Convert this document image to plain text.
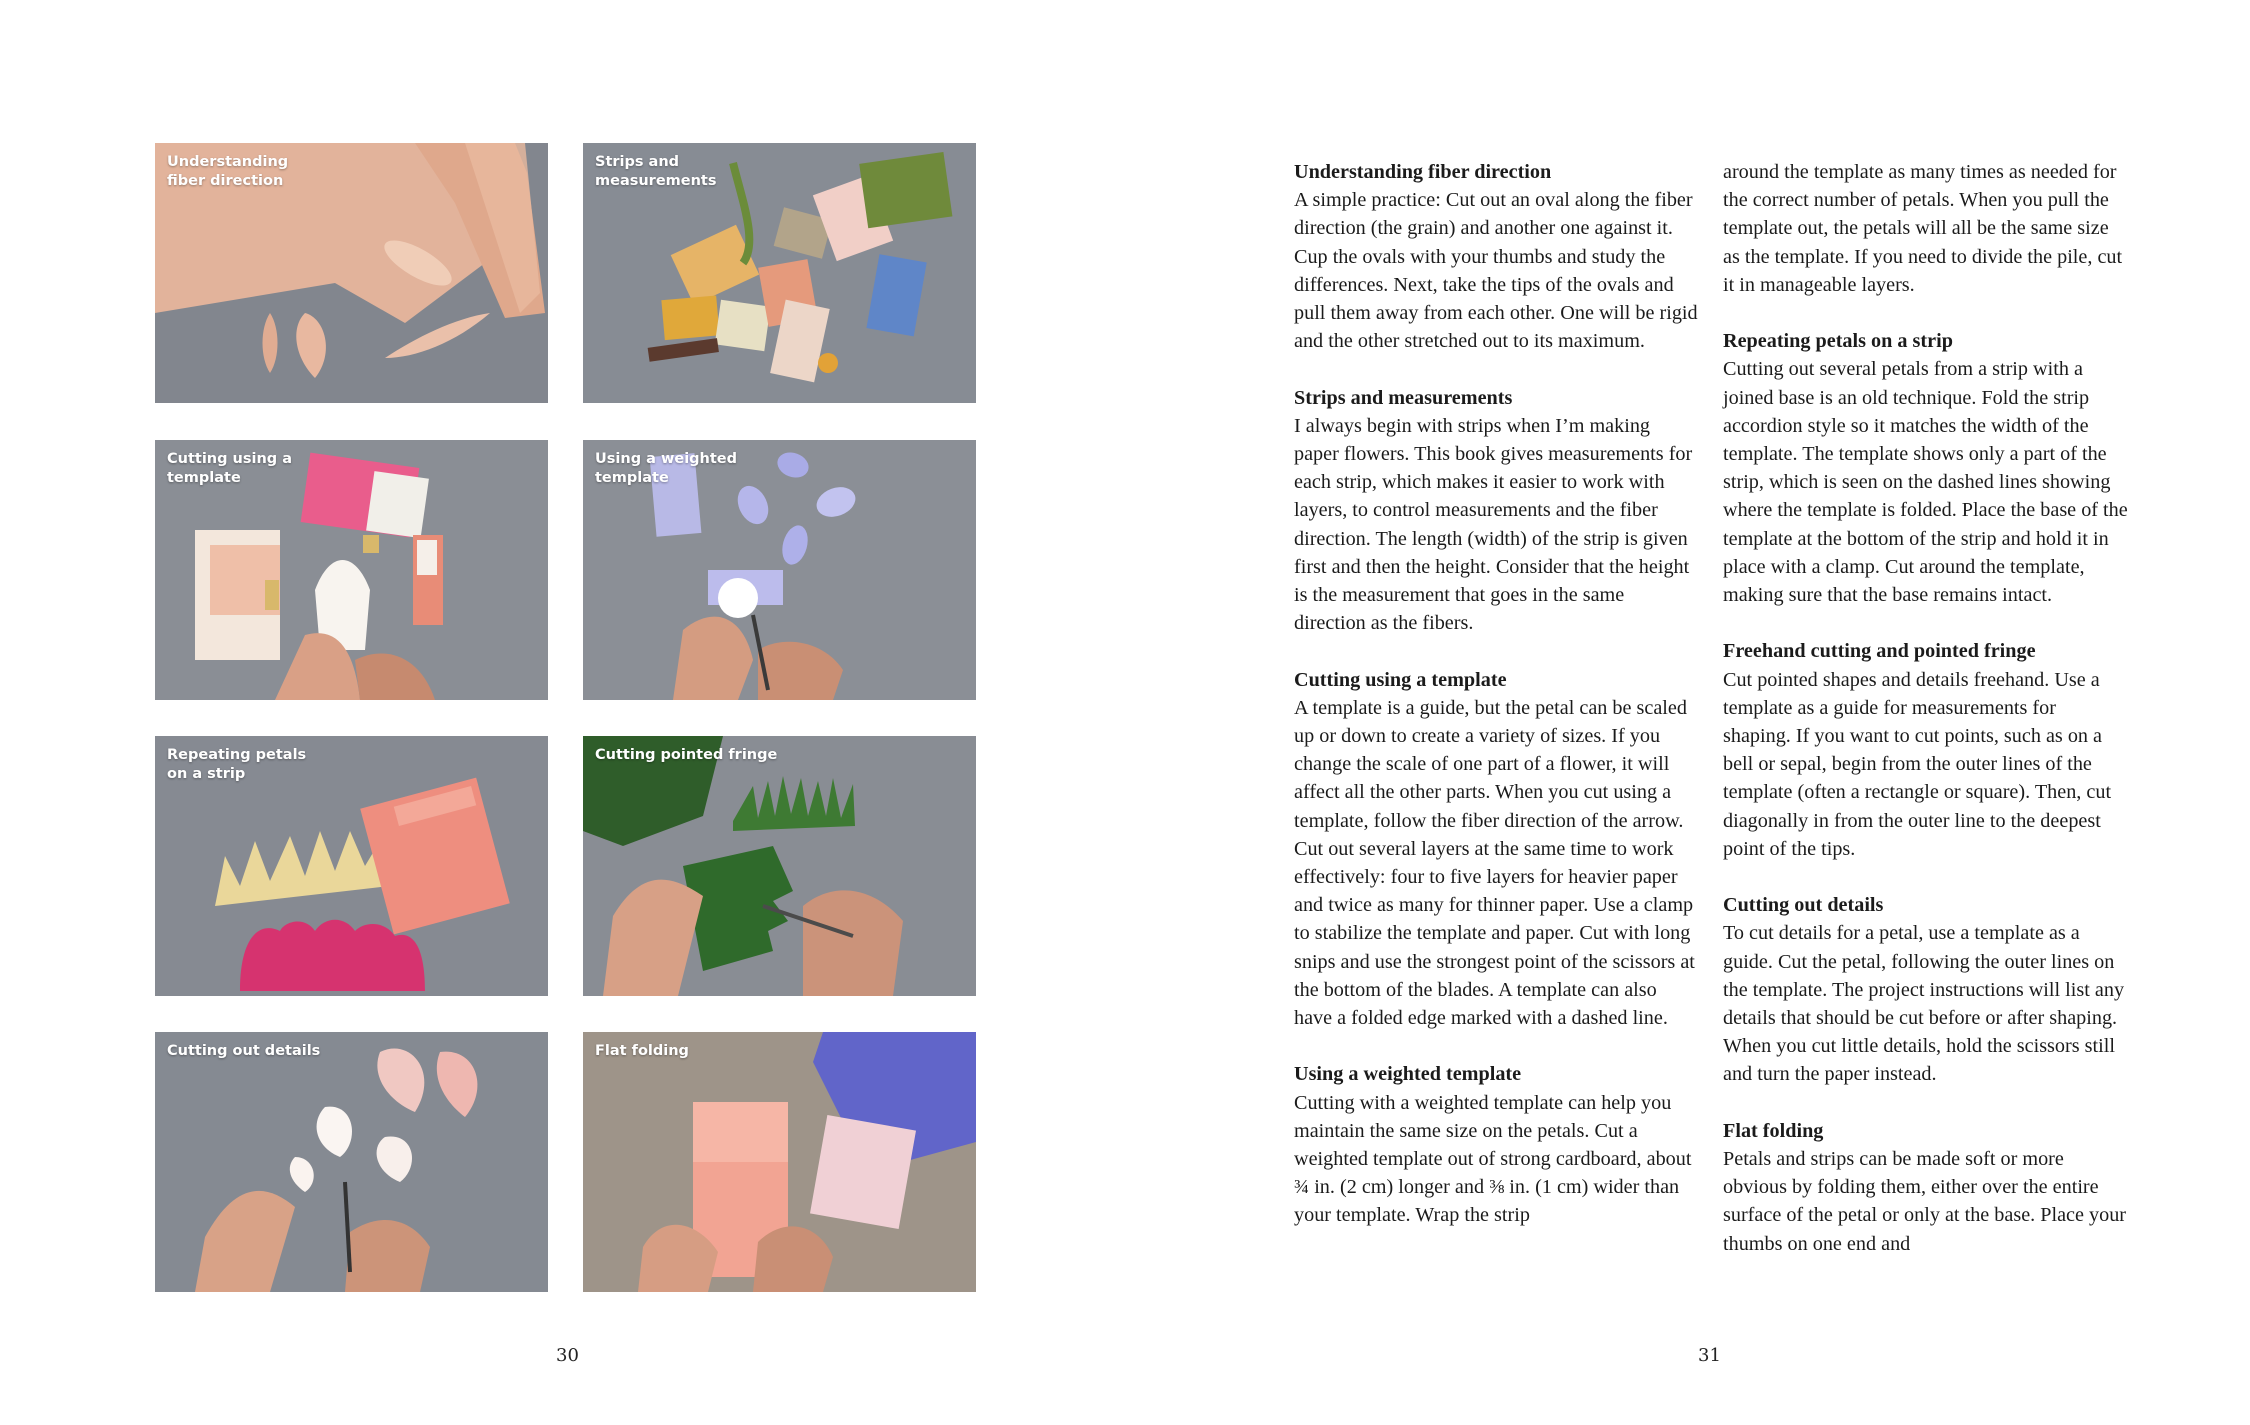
Understanding
fiber direction
Strips and
measurements
Cutting using a
template
Using a weighted
template
Repeating petals
on a strip
Cutting pointed fringe
Cutting out details	Flat folding
30
Understanding fiber direction

A simple practice: Cut out an oval along the fiber direction (the grain) and another one against it. Cup the ovals with your thumbs and study the differences. Next, take the tips of the ovals and pull them away from each other. One will be rigid and the other stretched out to its maximum.

Strips and measurements

I always begin with strips when I’m making paper flowers. This book gives measurements for each strip, which makes it easier to work with layers, to control measurements and the fiber direction. The length (width) of the strip is given first and then the height. Consider that the height is the measurement that goes in the same direction as the fibers.

Cutting using a template

A template is a guide, but the petal can be scaled up or down to create a variety of sizes. If you change the scale of one part of a flower, it will affect all the other parts. When you cut using a template, follow the fiber direction of the arrow. Cut out several layers at the same time to work effectively: four to five layers for heavier paper and twice as many for thinner paper. Use a clamp to stabilize the template and paper. Cut with long snips and use the strongest point of the scissors at the bottom of the blades. A template can also have a folded edge marked with a dashed line.

Using a weighted template

Cutting with a weighted template can help you maintain the same size on the petals. Cut a weighted template out of strong cardboard, about ¾ in. (2 cm) longer and ⅜ in. (1 cm) wider than your template. Wrap the strip

around the template as many times as needed for the correct number of petals. When you pull the template out, the petals will all be the same size as the template. If you need to divide the pile, cut it in manageable layers.

Repeating petals on a strip

Cutting out several petals from a strip with a joined base is an old technique. Fold the strip accordion style so it matches the width of the template. The template shows only a part of the strip, which is seen on the dashed lines showing where the template is folded. Place the base of the template at the bottom of the strip and hold it in place with a clamp. Cut around the template, making sure that the base remains intact.

Freehand cutting and pointed fringe

Cut pointed shapes and details freehand. Use a template as a guide for measurements for shaping. If you want to cut points, such as on a bell or sepal, begin from the outer lines of the template (often a rectangle or square). Then, cut diagonally in from the outer line to the deepest point of the tips.

Cutting out details

To cut details for a petal, use a template as a guide. Cut the petal, following the outer lines on the template. The project instructions will list any details that should be cut before or after shaping. When you cut little details, hold the scissors still and turn the paper instead.

Flat folding

Petals and strips can be made soft or more obvious by folding them, either over the entire surface of the petal or only at the base. Place your thumbs on one end and

31
